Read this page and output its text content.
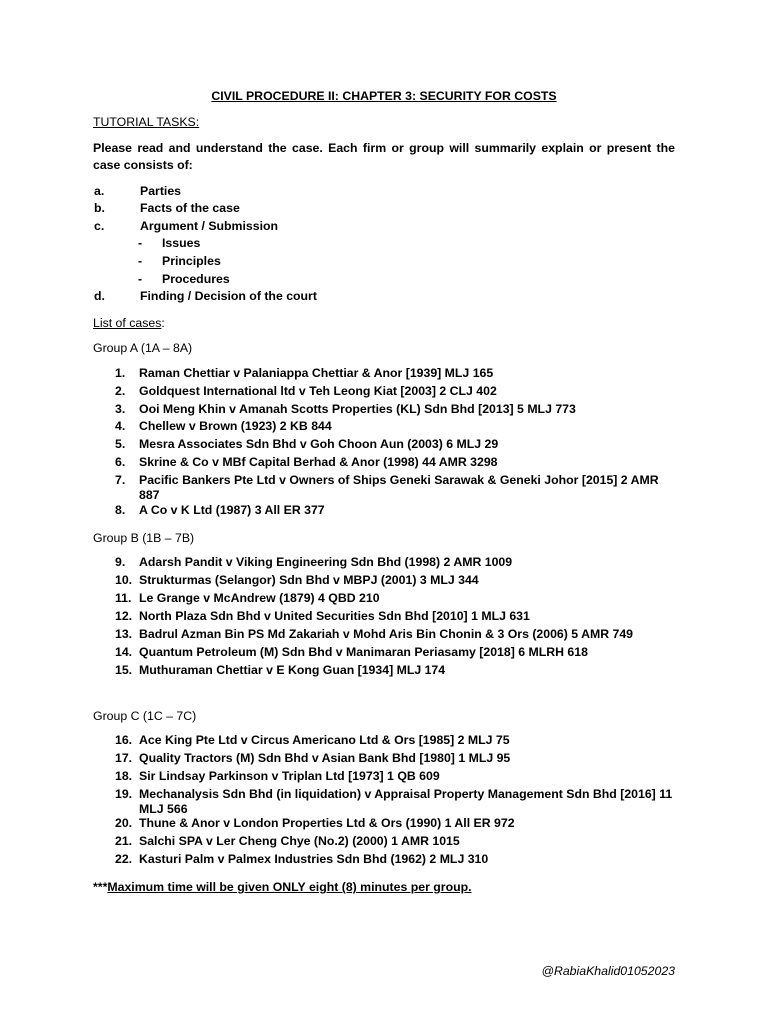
CIVIL PROCEDURE II: CHAPTER 3: SECURITY FOR COSTS
TUTORIAL TASKS:
Please read and understand the case. Each firm or group will summarily explain or present the case consists of:
a.	Parties
b.	Facts of the case
c.	Argument / Submission
-	Issues
-	Principles
-	Procedures
d.	Finding / Decision of the court
List of cases:
Group A (1A – 8A)
1.	Raman Chettiar v Palaniappa Chettiar & Anor [1939] MLJ 165
2.	Goldquest International ltd v Teh Leong Kiat [2003] 2 CLJ 402
3.	Ooi Meng Khin v Amanah Scotts Properties (KL) Sdn Bhd [2013] 5 MLJ 773
4.	Chellew v Brown (1923) 2 KB 844
5.	Mesra Associates Sdn Bhd v Goh Choon Aun (2003) 6 MLJ 29
6.	Skrine & Co v MBf Capital Berhad & Anor (1998) 44 AMR 3298
7.	Pacific Bankers Pte Ltd v Owners of Ships Geneki Sarawak & Geneki Johor [2015] 2 AMR 887
8.	A Co v K Ltd (1987) 3 All ER 377
Group B (1B – 7B)
9.	Adarsh Pandit v Viking Engineering Sdn Bhd (1998) 2 AMR 1009
10. Strukturmas (Selangor) Sdn Bhd v MBPJ (2001) 3 MLJ 344
11. Le Grange v McAndrew (1879) 4 QBD 210
12. North Plaza Sdn Bhd v United Securities Sdn Bhd [2010] 1 MLJ 631
13. Badrul Azman Bin PS Md Zakariah v Mohd Aris Bin Chonin & 3 Ors (2006) 5 AMR 749
14. Quantum Petroleum (M) Sdn Bhd v Manimaran Periasamy [2018] 6 MLRH 618
15. Muthuraman Chettiar v E Kong Guan [1934] MLJ 174
Group C (1C – 7C)
16. Ace King Pte Ltd v Circus Americano Ltd & Ors [1985] 2 MLJ 75
17. Quality Tractors (M) Sdn Bhd v Asian Bank Bhd [1980] 1 MLJ 95
18. Sir Lindsay Parkinson v Triplan Ltd [1973] 1 QB 609
19. Mechanalysis Sdn Bhd (in liquidation) v Appraisal Property Management Sdn Bhd [2016] 11 MLJ 566
20. Thune & Anor v London Properties Ltd & Ors (1990) 1 All ER 972
21. Salchi SPA v Ler Cheng Chye (No.2) (2000) 1 AMR 1015
22. Kasturi Palm v Palmex Industries Sdn Bhd (1962) 2 MLJ 310
***Maximum time will be given ONLY eight (8) minutes per group.
@RabiaKhalid01052023
